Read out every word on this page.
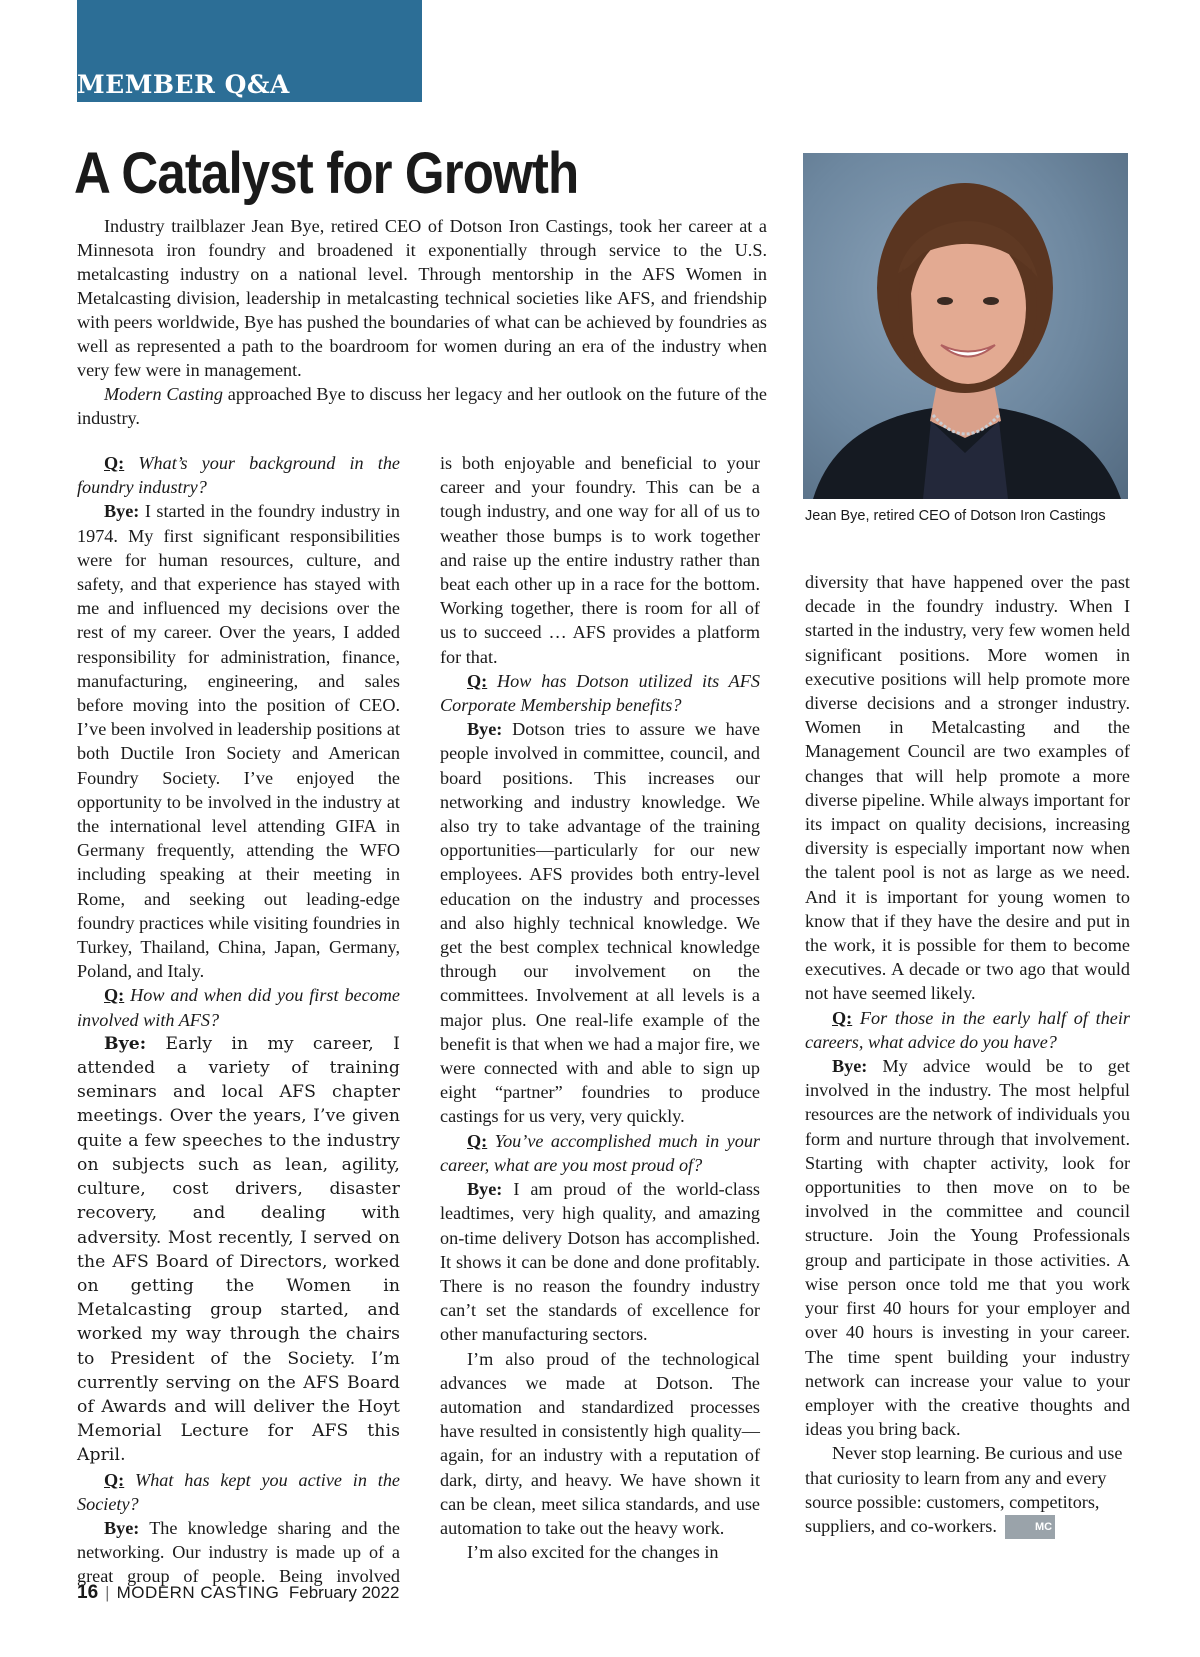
MEMBER Q&A
A Catalyst for Growth

Industry trailblazer Jean Bye, retired CEO of Dotson Iron Castings, took her career at a Minnesota iron foundry and broadened it exponentially through service to the U.S. metalcasting industry on a national level. Through mentorship in the AFS Women in Metalcasting division, leadership in metalcasting technical societies like AFS, and friendship with peers worldwide, Bye has pushed the boundaries of what can be achieved by foundries as well as represented a path to the boardroom for women during an era of the industry when very few were in management.

Modern Casting approached Bye to discuss her legacy and her outlook on the future of the industry.

Jean Bye, retired CEO of Dotson Iron Castings

Q: What’s your background in the foundry industry?

Bye: I started in the foundry industry in 1974. My first significant responsibilities were for human resources, culture, and safety, and that experience has stayed with me and influenced my decisions over the rest of my career. Over the years, I added responsibility for administration, finance, manufacturing, engineering, and sales before moving into the position of CEO. I’ve been involved in leadership positions at both Ductile Iron Society and American Foundry Society. I’ve enjoyed the opportunity to be involved in the industry at the international level attending GIFA in Germany frequently, attending the WFO including speaking at their meeting in Rome, and seeking out leading-edge foundry practices while visiting foundries in Turkey, Thailand, China, Japan, Germany, Poland, and Italy.

Q: How and when did you first become involved with AFS?

Bye: Early in my career, I attended a variety of training seminars and local AFS chapter meetings. Over the years, I’ve given quite a few speeches to the industry on subjects such as lean, agility, culture, cost drivers, disaster recovery, and dealing with adversity. Most recently, I served on the AFS Board of Directors, worked on getting the Women in Metalcasting group started, and worked my way through the chairs to President of the Society. I’m currently serving on the AFS Board of Awards and will deliver the Hoyt Memorial Lecture for AFS this April.

Q: What has kept you active in the Society?

Bye: The knowledge sharing and the networking. Our industry is made up of a great group of people. Being involved

is both enjoyable and beneficial to your career and your foundry. This can be a tough industry, and one way for all of us to weather those bumps is to work together and raise up the entire industry rather than beat each other up in a race for the bottom. Working together, there is room for all of us to succeed … AFS provides a platform for that.

Q: How has Dotson utilized its AFS Corporate Membership benefits?

Bye: Dotson tries to assure we have people involved in committee, council, and board positions. This increases our networking and industry knowledge. We also try to take advantage of the training opportunities—particularly for our new employees. AFS provides both entry-level education on the industry and processes and also highly technical knowledge. We get the best complex technical knowledge through our involvement on the committees. Involvement at all levels is a major plus. One real-life example of the benefit is that when we had a major fire, we were connected with and able to sign up eight “partner” foundries to produce castings for us very, very quickly.

Q: You’ve accomplished much in your career, what are you most proud of?

Bye: I am proud of the world-class leadtimes, very high quality, and amazing on-time delivery Dotson has accomplished. It shows it can be done and done profitably. There is no reason the foundry industry can’t set the standards of excellence for other manufacturing sectors.

I’m also proud of the technological advances we made at Dotson. The automation and standardized processes have resulted in consistently high quality—again, for an industry with a reputation of dark, dirty, and heavy. We have shown it can be clean, meet silica standards, and use automation to take out the heavy work.

I’m also excited for the changes in

diversity that have happened over the past decade in the foundry industry. When I started in the industry, very few women held significant positions. More women in executive positions will help promote more diverse decisions and a stronger industry. Women in Metalcasting and the Management Council are two examples of changes that will help promote a more diverse pipeline. While always important for its impact on quality decisions, increasing diversity is especially important now when the talent pool is not as large as we need. And it is important for young women to know that if they have the desire and put in the work, it is possible for them to become executives. A decade or two ago that would not have seemed likely.

Q: For those in the early half of their careers, what advice do you have?

Bye: My advice would be to get involved in the industry. The most helpful resources are the network of individuals you form and nurture through that involvement. Starting with chapter activity, look for opportunities to then move on to be involved in the committee and council structure. Join the Young Professionals group and participate in those activities. A wise person once told me that you work your first 40 hours for your employer and over 40 hours is investing in your career. The time spent building your industry network can increase your value to your employer with the creative thoughts and ideas you bring back.

Never stop learning. Be curious and use that curiosity to learn from any and every source possible: customers, competitors, suppliers, and co-workers.	MC

16 | MODERN CASTING February 2022
